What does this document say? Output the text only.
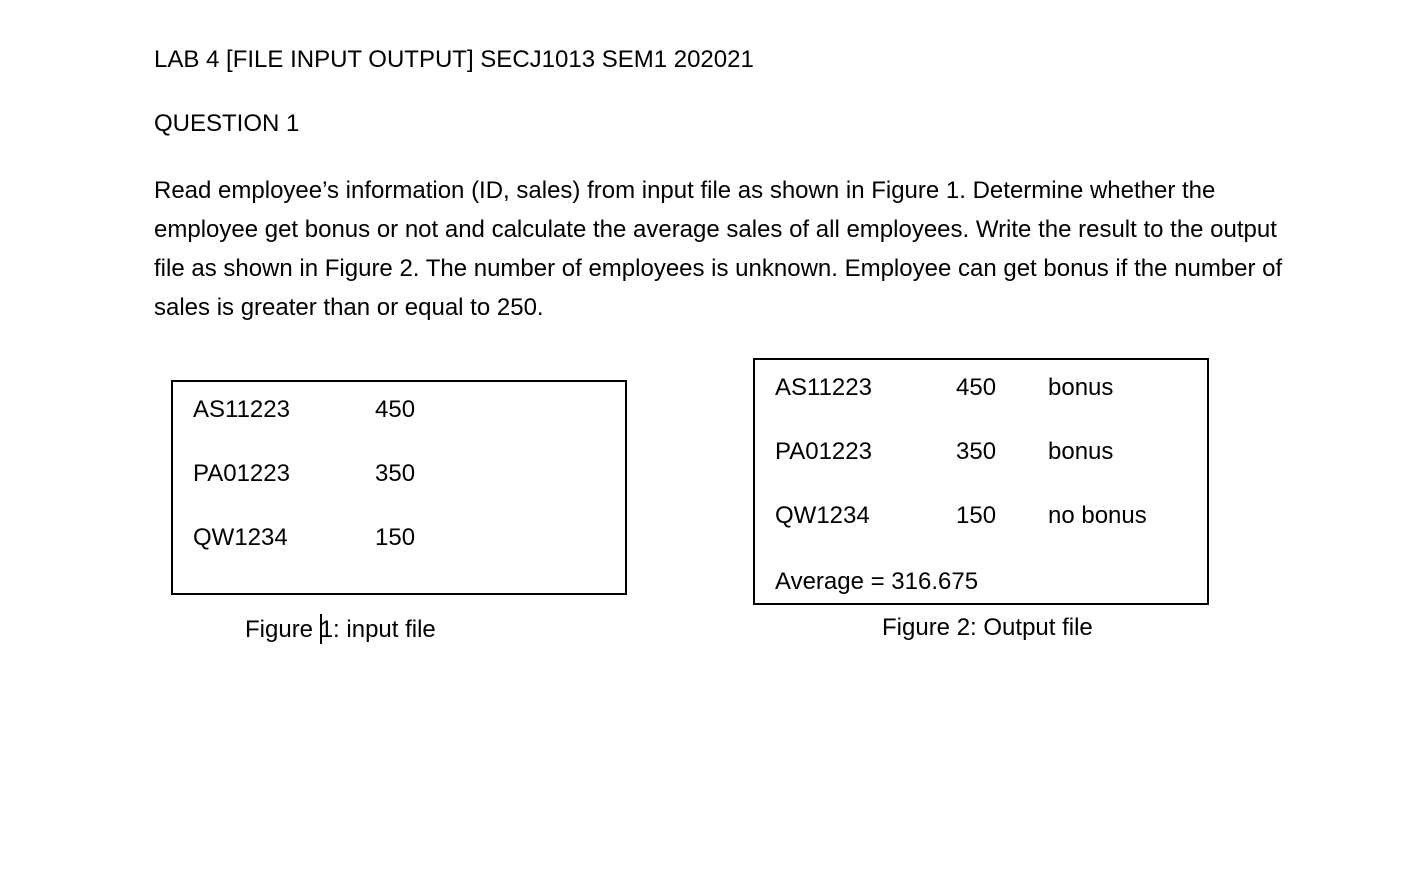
LAB 4 [FILE INPUT OUTPUT] SECJ1013 SEM1 202021
QUESTION 1
Read employee’s information (ID, sales) from input file as shown in Figure 1. Determine whether the employee get bonus or not and calculate the average sales of all employees. Write the result to the output file as shown in Figure 2. The number of employees is unknown. Employee can get bonus if the number of sales is greater than or equal to 250.
AS11223	450
PA01223	350
QW1234	150
Figure 1: input file
AS11223	450 bonus
PA01223	350 bonus
QW1234	150 no bonus
Average = 316.675
Figure 2: Output file
